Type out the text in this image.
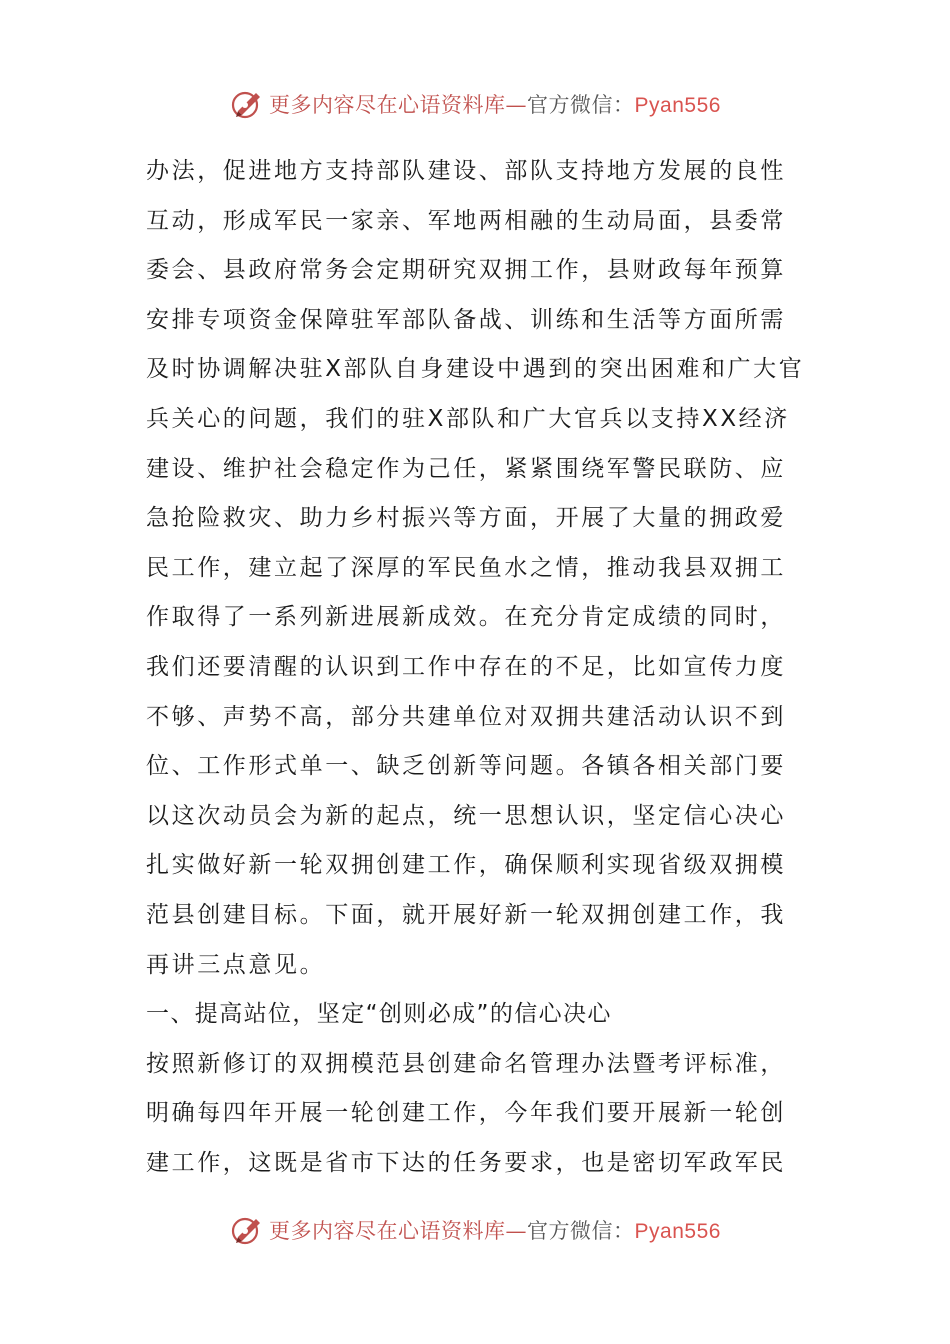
更多内容尽在心语资料库—官方微信：Pyan556
办法，促进地方支持部队建设、部队支持地方发展的良性
互动，形成军民一家亲、军地两相融的生动局面，县委常
委会、县政府常务会定期研究双拥工作，县财政每年预算
安排专项资金保障驻军部队备战、训练和生活等方面所需
及时协调解决驻X部队自身建设中遇到的突出困难和广大官
兵关心的问题，我们的驻X部队和广大官兵以支持XX经济
建设、维护社会稳定作为己任，紧紧围绕军警民联防、应
急抢险救灾、助力乡村振兴等方面，开展了大量的拥政爱
民工作，建立起了深厚的军民鱼水之情，推动我县双拥工
作取得了一系列新进展新成效。在充分肯定成绩的同时，
我们还要清醒的认识到工作中存在的不足，比如宣传力度
不够、声势不高，部分共建单位对双拥共建活动认识不到
位、工作形式单一、缺乏创新等问题。各镇各相关部门要
以这次动员会为新的起点，统一思想认识，坚定信心决心
扎实做好新一轮双拥创建工作，确保顺利实现省级双拥模
范县创建目标。下面，就开展好新一轮双拥创建工作，我
再讲三点意见。
一、提高站位，坚定“创则必成”的信心决心
按照新修订的双拥模范县创建命名管理办法暨考评标准，
明确每四年开展一轮创建工作，今年我们要开展新一轮创
建工作，这既是省市下达的任务要求，也是密切军政军民
更多内容尽在心语资料库—官方微信：Pyan556
